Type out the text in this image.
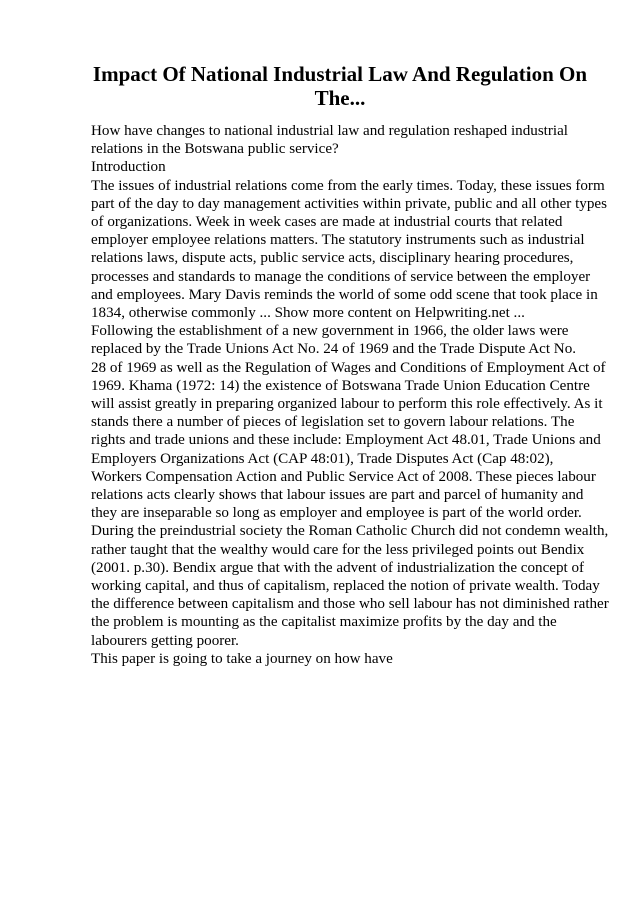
Impact Of National Industrial Law And Regulation On
The...

How have changes to national industrial law and regulation reshaped industrial

relations in the Botswana public service?

Introduction

The issues of industrial relations come from the early times. Today, these issues form

part of the day to day management activities within private, public and all other types

of organizations. Week in week cases are made at industrial courts that related

employer employee relations matters. The statutory instruments such as industrial

relations laws, dispute acts, public service acts, disciplinary hearing procedures,

processes and standards to manage the conditions of service between the employer

and employees. Mary Davis reminds the world of some odd scene that took place in

1834, otherwise commonly ... Show more content on Helpwriting.net ...

Following the establishment of a new government in 1966, the older laws were

replaced by the Trade Unions Act No. 24 of 1969 and the Trade Dispute Act No.

28 of 1969 as well as the Regulation of Wages and Conditions of Employment Act of

1969. Khama (1972: 14) the existence of Botswana Trade Union Education Centre

will assist greatly in preparing organized labour to perform this role effectively. As it

stands there a number of pieces of legislation set to govern labour relations. The

rights and trade unions and these include: Employment Act 48.01, Trade Unions and

Employers Organizations Act (CAP 48:01), Trade Disputes Act (Cap 48:02),

Workers Compensation Action and Public Service Act of 2008. These pieces labour

relations acts clearly shows that labour issues are part and parcel of humanity and

they are inseparable so long as employer and employee is part of the world order.

During the preindustrial society the Roman Catholic Church did not condemn wealth,

rather taught that the wealthy would care for the less privileged points out Bendix

(2001. p.30). Bendix argue that with the advent of industrialization the concept of

working capital, and thus of capitalism, replaced the notion of private wealth. Today

the difference between capitalism and those who sell labour has not diminished rather

the problem is mounting as the capitalist maximize profits by the day and the

labourers getting poorer.

This paper is going to take a journey on how have
